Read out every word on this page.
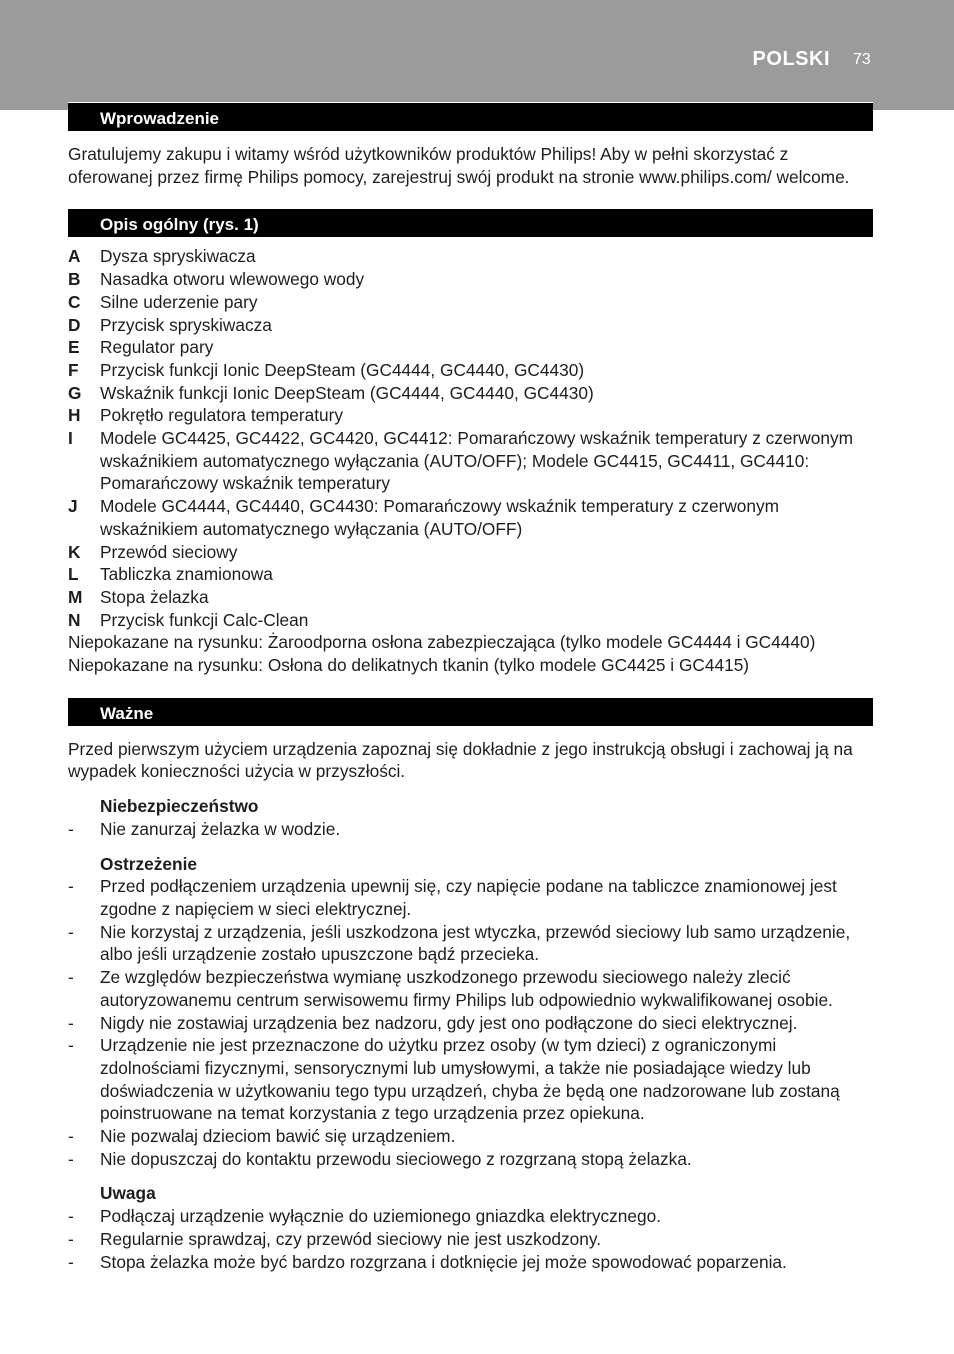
POLSKI 73
Wprowadzenie

Gratulujemy zakupu i witamy wśród użytkowników produktów Philips! Aby w pełni skorzystać z oferowanej przez firmę Philips pomocy, zarejestruj swój produkt na stronie www.philips.com/ welcome.

Opis ogólny (rys. 1)
A	Dysza spryskiwacza
B	Nasadka otworu wlewowego wody
C	Silne uderzenie pary
D	Przycisk spryskiwacza
E	Regulator pary
F	Przycisk funkcji Ionic DeepSteam (GC4444, GC4440, GC4430)
G	Wskaźnik funkcji Ionic DeepSteam (GC4444, GC4440, GC4430)
H	Pokrętło regulatora temperatury
I	Modele GC4425, GC4422, GC4420, GC4412: Pomarańczowy wskaźnik temperatury z czerwonym wskaźnikiem automatycznego wyłączania (AUTO/OFF); Modele GC4415, GC4411, GC4410: Pomarańczowy wskaźnik temperatury
J	Modele GC4444, GC4440, GC4430: Pomarańczowy wskaźnik temperatury z czerwonym wskaźnikiem automatycznego wyłączania (AUTO/OFF)
K	Przewód sieciowy
L	Tabliczka znamionowa
M	Stopa żelazka
N	Przycisk funkcji Calc-Clean

Niepokazane na rysunku: Żaroodporna osłona zabezpieczająca (tylko modele GC4444 i GC4440)

Niepokazane na rysunku: Osłona do delikatnych tkanin (tylko modele GC4425 i GC4415)

Ważne

Przed pierwszym użyciem urządzenia zapoznaj się dokładnie z jego instrukcją obsługi i zachowaj ją na wypadek konieczności użycia w przyszłości.

Niebezpieczeństwo
-	Nie zanurzaj żelazka w wodzie.
Ostrzeżenie
-	Przed podłączeniem urządzenia upewnij się, czy napięcie podane na tabliczce znamionowej jest zgodne z napięciem w sieci elektrycznej.
-	Nie korzystaj z urządzenia, jeśli uszkodzona jest wtyczka, przewód sieciowy lub samo urządzenie, albo jeśli urządzenie zostało upuszczone bądź przecieka.
-	Ze względów bezpieczeństwa wymianę uszkodzonego przewodu sieciowego należy zlecić autoryzowanemu centrum serwisowemu firmy Philips lub odpowiednio wykwalifikowanej osobie.
-	Nigdy nie zostawiaj urządzenia bez nadzoru, gdy jest ono podłączone do sieci elektrycznej.
-	Urządzenie nie jest przeznaczone do użytku przez osoby (w tym dzieci) z ograniczonymi zdolnościami fizycznymi, sensorycznymi lub umysłowymi, a także nie posiadające wiedzy lub doświadczenia w użytkowaniu tego typu urządzeń, chyba że będą one nadzorowane lub zostaną poinstruowane na temat korzystania z tego urządzenia przez opiekuna.
-	Nie pozwalaj dzieciom bawić się urządzeniem.
-	Nie dopuszczaj do kontaktu przewodu sieciowego z rozgrzaną stopą żelazka.
Uwaga
-	Podłączaj urządzenie wyłącznie do uziemionego gniazdka elektrycznego.
-	Regularnie sprawdzaj, czy przewód sieciowy nie jest uszkodzony.
-	Stopa żelazka może być bardzo rozgrzana i dotknięcie jej może spowodować poparzenia.
